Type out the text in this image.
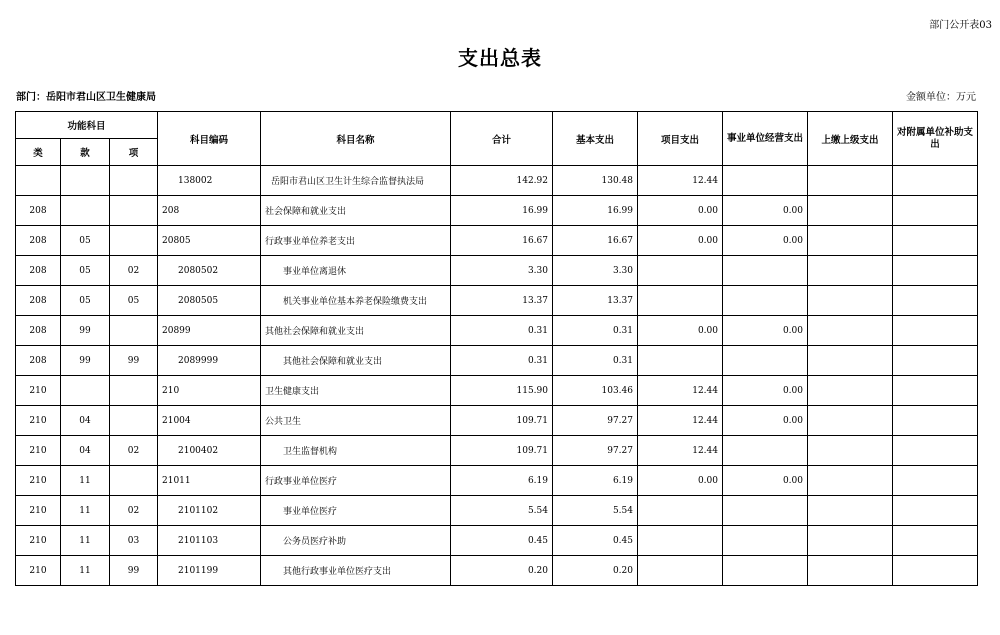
部门公开表03
支出总表
部门：岳阳市君山区卫生健康局	金额单位：万元
功能科目			科目编码	科目名称	合计	基本支出	项目支出	事业单位经营支出	上缴上级支出	对附属单位补助支出
类	款	项								
			138002	岳阳市君山区卫生计生综合监督执法局	142.92	130.48	12.44			
208			208	社会保障和就业支出	16.99	16.99	0.00	0.00		
208	05		20805	行政事业单位养老支出	16.67	16.67	0.00	0.00		
208	05	02	2080502	事业单位离退休	3.30	3.30				
208	05	05	2080505	机关事业单位基本养老保险缴费支出	13.37	13.37				
208	99		20899	其他社会保障和就业支出	0.31	0.31	0.00	0.00		
208	99	99	2089999	其他社会保障和就业支出	0.31	0.31				
210			210	卫生健康支出	115.90	103.46	12.44	0.00		
210	04		21004	公共卫生	109.71	97.27	12.44	0.00		
210	04	02	2100402	卫生监督机构	109.71	97.27	12.44			
210	11		21011	行政事业单位医疗	6.19	6.19	0.00	0.00		
210	11	02	2101102	事业单位医疗	5.54	5.54				
210	11	03	2101103	公务员医疗补助	0.45	0.45				
210	11	99	2101199	其他行政事业单位医疗支出	0.20	0.20				
